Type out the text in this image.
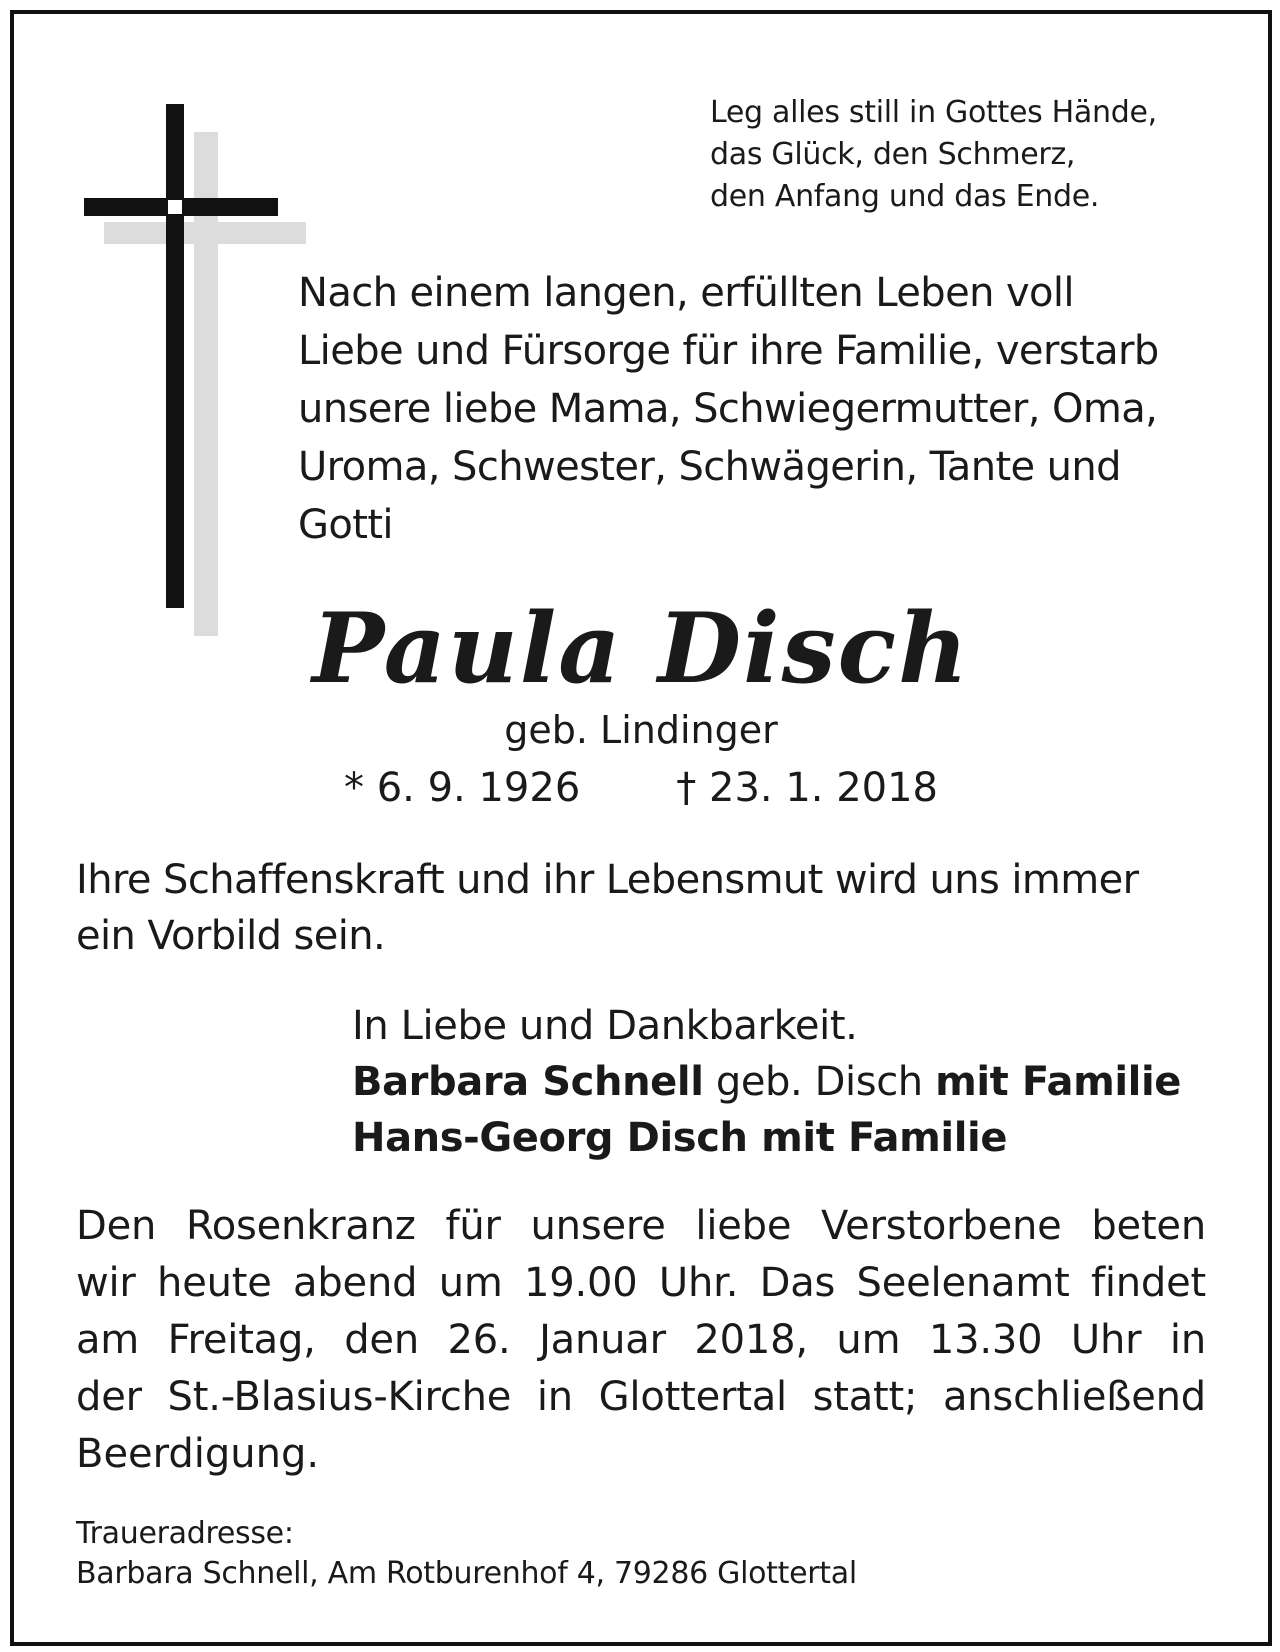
Leg alles still in Gottes Hände,
das Glück, den Schmerz,
den Anfang und das Ende.
Nach einem langen, erfüllten Leben voll
Liebe und Fürsorge für ihre Familie, verstarb
unsere liebe Mama, Schwiegermutter, Oma,
Uroma, Schwester, Schwägerin, Tante und
Gotti
Paula Disch
geb. Lindinger
* 6. 9. 1926 † 23. 1. 2018
Ihre Schaffenskraft und ihr Lebensmut wird uns immer
ein Vorbild sein.
In Liebe und Dankbarkeit.
Barbara Schnell geb. Disch mit Familie
Hans-Georg Disch mit Familie
Den Rosenkranz für unsere liebe Verstorbene beten
wir heute abend um 19.00 Uhr. Das Seelenamt findet
am Freitag, den 26. Januar 2018, um 13.30 Uhr in
der St.-Blasius-Kirche in Glottertal statt; anschließend
Beerdigung.
Traueradresse:
Barbara Schnell, Am Rotburenhof 4, 79286 Glottertal
